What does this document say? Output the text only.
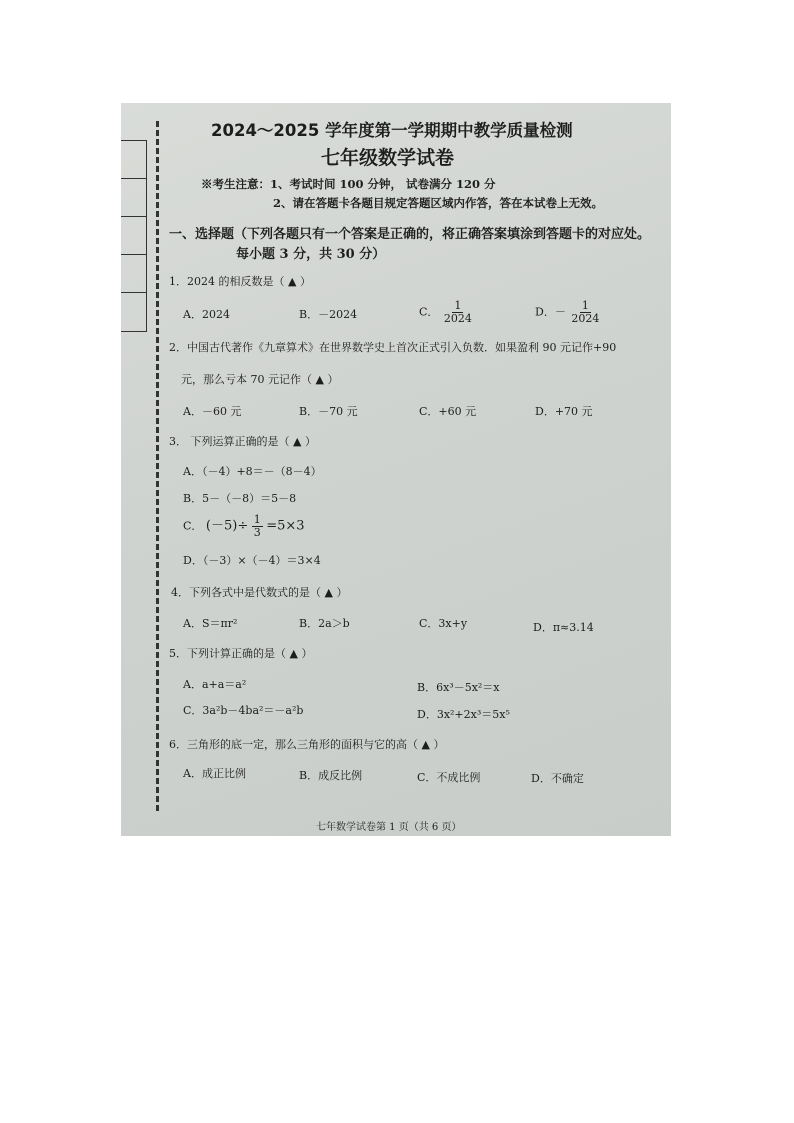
2024～2025 学年度第一学期期中教学质量检测
七年级数学试卷
※考生注意：1、考试时间 100 分钟， 试卷满分 120 分
2、请在答题卡各题目规定答题区域内作答，答在本试卷上无效。
一、选择题（下列各题只有一个答案是正确的，将正确答案填涂到答题卡的对应处。
每小题 3 分，共 30 分）
1．2024 的相反数是（ ▲ ）
A．2024	B．－2024	C． $\frac{1}{2024}$	D．－ $\frac{1}{2024}$
2．中国古代著作《九章算术》在世界数学史上首次正式引入负数．如果盈利 90 元记作+90
元，那么亏本 70 元记作（ ▲ ）
A．－60 元	B．－70 元	C．+60 元	D．+70 元
3． 下列运算正确的是（ ▲ ）
A．（－4）+8＝－（8－4）
B．5－（－8）＝5－8
C． $(-5)\div \frac{1}{3} =5\times 3$
D．（－3）×（－4）＝3×4
4．下列各式中是代数式的是（ ▲ ）
A．S＝πr²	B．2a＞b	C．3x+y	D．π≈3.14
5．下列计算正确的是（ ▲ ）
A．a+a＝a²	B．6x³－5x²＝x
C．3a²b－4ba²＝－a²b	D．3x²+2x³＝5x⁵
6．三角形的底一定，那么三角形的面积与它的高（ ▲ ）
A．成正比例	B．成反比例	C．不成比例	D．不确定
七年数学试卷第 1 页（共 6 页）
